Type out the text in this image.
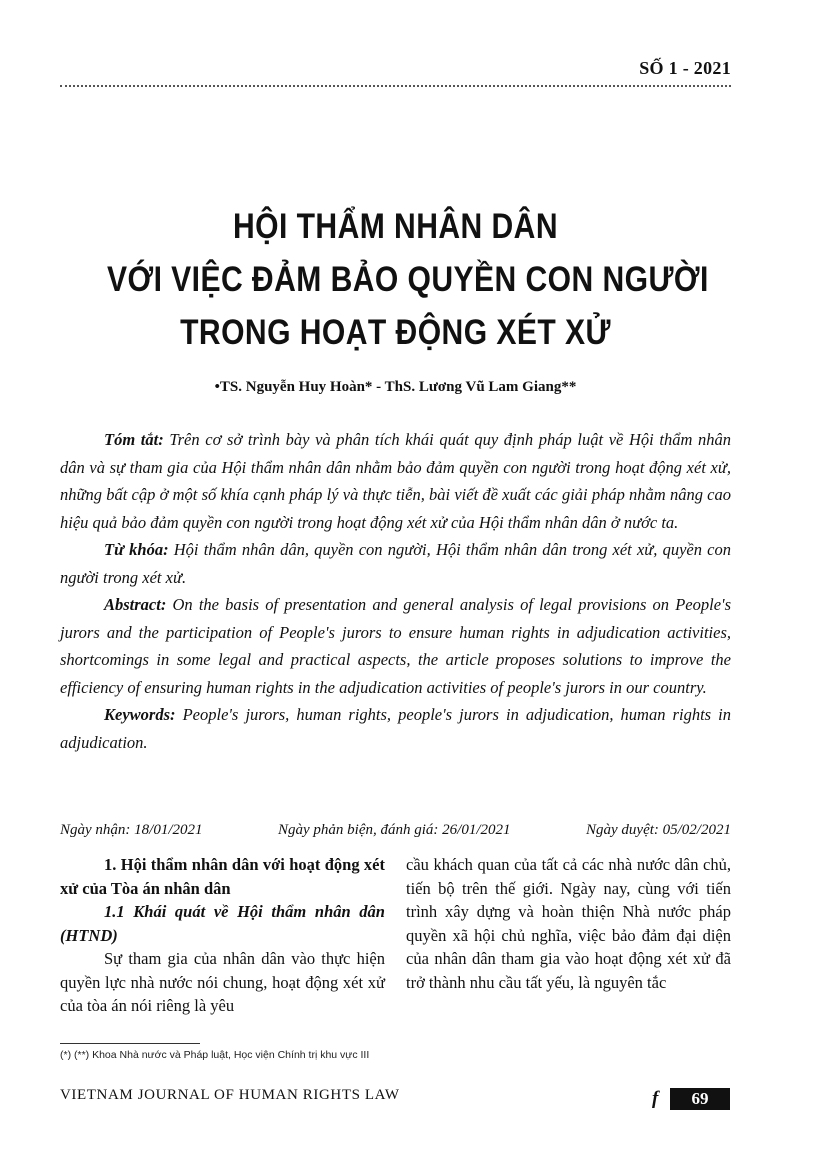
SỐ 1 - 2021
HỘI THẨM NHÂN DÂN
VỚI VIỆC ĐẢM BẢO QUYỀN CON NGƯỜI
TRONG HOẠT ĐỘNG XÉT XỬ
•TS. Nguyễn Huy Hoàn* - ThS. Lương Vũ Lam Giang**

Tóm tắt: Trên cơ sở trình bày và phân tích khái quát quy định pháp luật về Hội thẩm nhân dân và sự tham gia của Hội thẩm nhân dân nhằm bảo đảm quyền con người trong hoạt động xét xử, những bất cập ở một số khía cạnh pháp lý và thực tiễn, bài viết đề xuất các giải pháp nhằm nâng cao hiệu quả bảo đảm quyền con người trong hoạt động xét xử của Hội thẩm nhân dân ở nước ta.

Từ khóa: Hội thẩm nhân dân, quyền con người, Hội thẩm nhân dân trong xét xử, quyền con người trong xét xử.

Abstract: On the basis of presentation and general analysis of legal provisions on People's jurors and the participation of People's jurors to ensure human rights in adjudication activities, shortcomings in some legal and practical aspects, the article proposes solutions to improve the efficiency of ensuring human rights in the adjudication activities of people's jurors in our country.

Keywords: People's jurors, human rights, people's jurors in adjudication, human rights in adjudication.

Ngày nhận: 18/01/2021	Ngày phản biện, đánh giá: 26/01/2021	Ngày duyệt: 05/02/2021

1. Hội thẩm nhân dân với hoạt động xét xử của Tòa án nhân dân

1.1 Khái quát về Hội thẩm nhân dân (HTND)

Sự tham gia của nhân dân vào thực hiện quyền lực nhà nước nói chung, hoạt động xét xử của tòa án nói riêng là yêu

cầu khách quan của tất cả các nhà nước dân chủ, tiến bộ trên thế giới. Ngày nay, cùng với tiến trình xây dựng và hoàn thiện Nhà nước pháp quyền xã hội chủ nghĩa, việc bảo đảm đại diện của nhân dân tham gia vào hoạt động xét xử đã trở thành nhu cầu tất yếu, là nguyên tắc

(*) (**) Khoa Nhà nước và Pháp luật, Học viện Chính trị khu vực III
VIETNAM JOURNAL OF HUMAN RIGHTS LAW	f	69
